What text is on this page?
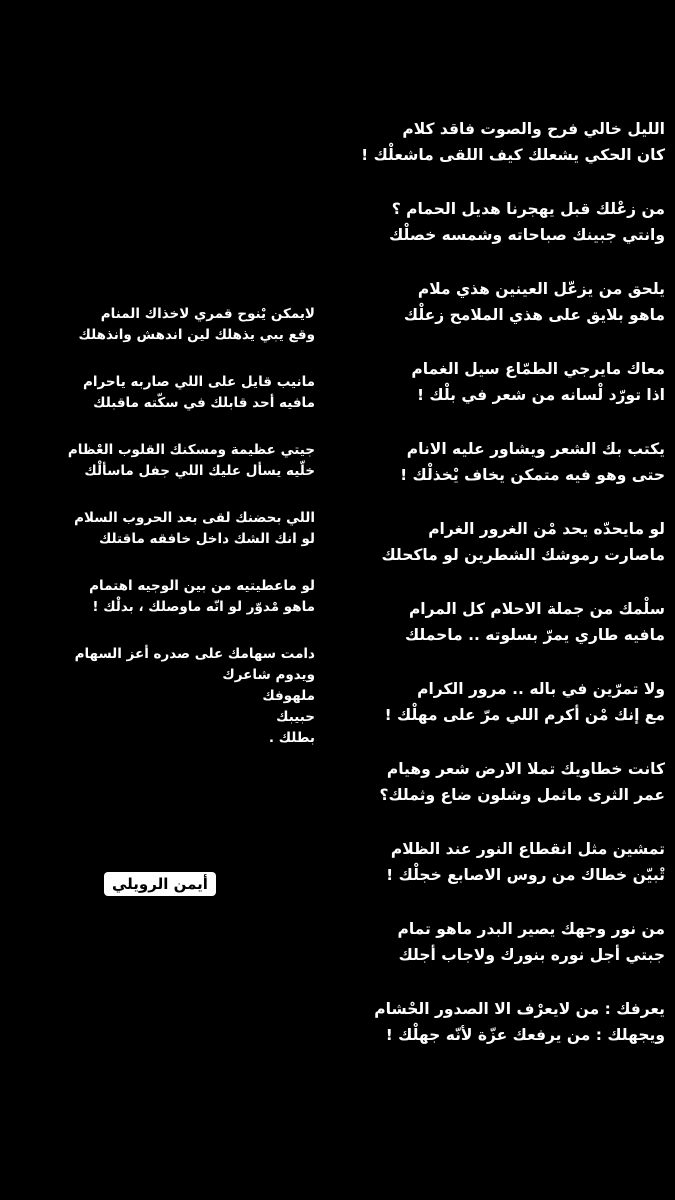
الليل خالي فرح والصوت فاقد كلام
كان الحكي يشعلك كيف اللقى ماشعلْك !
من زعْلك قبل يهجرنا هديل الحمام ؟
وانتي جبينك صباحاته وشمسه خصلْك
يلحق من يزعّل العينين هذي ملام
ماهو بلايق على هذي الملامح زعلْك
معاك مايرجي الطمّاع سيل الغمام
اذا تورّد لْسانه من شعر في بلْك !
يكتب بك الشعر ويشاور عليه الانام
حتى وهو فيه متمكن يخاف يْخذلْك !
لو مايحدّه يحد مْن الغرور الغرام
ماصارت رموشك الشطرين لو ماكحلك
سلْمك من جملة الاحلام كل المرام
مافيه طاري يمرّ بسلوته .. ماحملك
ولا تمرّين في باله .. مرور الكرام
مع إنك مْن أكرم اللي مرّ على مهلْك !
كانت خطاويك تملا الارض شعر وهيام
عمر الثرى ماثمل وشلون ضاع وثملك؟
تمشين مثل انقطاع النور عند الظلام
تْبيّن خطاك من روس الاصابع خجلْك !
من نور وجهك يصير البدر ماهو تمام
جبتي أجل نوره بنورك ولاجاب أجلك
يعرفك : من لايعرْف الا الصدور الحْشام
ويجهلك : من يرفعك عزّة لأنّه جهلْك !
لايمكن يْنوح قمري لاخذاك المنام
وقع يبي يذهلك لين اندهش وانذهلك
مانيب قايل على اللي صاربه ياحرام
مافيه أحد قابلك في سكّته ماقبلك
جيتي عظيمة ومسكنك القلوب العْظام
خلّيه يسأل عليك اللي جفل ماسألْك
اللي بحضنك لقى بعد الحروب السلام
لو انك الشك داخل خافقه ماقتلك
لو ماعطيتيه من بين الوجيه اهتمام
ماهو مْدوّر لو انّه ماوصلك ، بدلْك !
دامت سهامك على صدره أعز السهام
ويدوم شاعرك
ملهوفك
حبيبك
بطلك .
أيمن الرويلي
